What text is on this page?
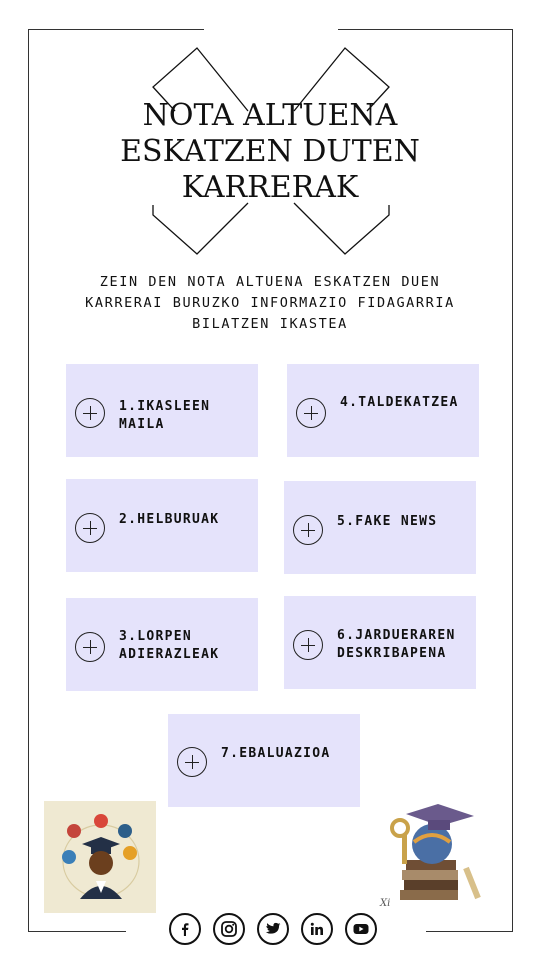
NOTA ALTUENA
ESKATZEN DUTEN
KARRERAK
ZEIN DEN NOTA ALTUENA ESKATZEN DUEN
KARRERAI BURUZKO INFORMAZIO FIDAGARRIA
BILATZEN IKASTEA
1.IKASLEEN
MAILA
4.TALDEKATZEA
2.HELBURUAK	5.FAKE NEWS
3.LORPEN
ADIERAZLEAK
6.JARDUERAREN
DESKRIBAPENA
7.EBALUAZIOA
Xi
